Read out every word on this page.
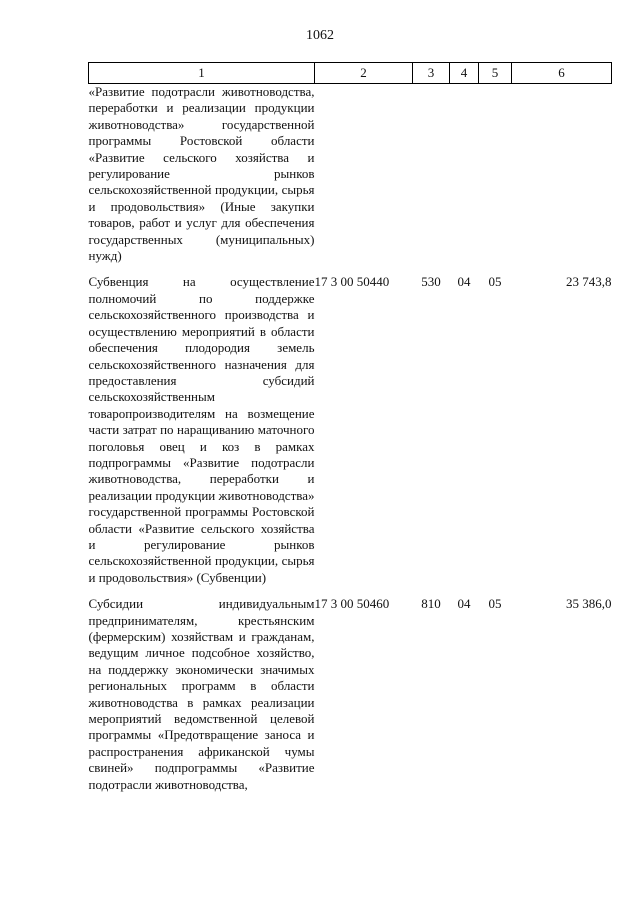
1062
1	2	3	4	5	6
«Развитие подотрасли животноводства, переработки и реализации продукции животноводства» государственной программы Ростовской области «Развитие сельского хозяйства и регулирование рынков сельскохозяйственной продукции, сырья и продовольствия» (Иные закупки товаров, работ и услуг для обеспечения государственных (муниципальных) нужд)					

Субвенция на осуществление полномочий по поддержке сельскохозяйственного производства и осуществлению мероприятий в области обеспечения плодородия земель сельскохозяйственного назначения для предоставления субсидий сельскохозяйственным товаропроизводителям на возмещение части затрат по наращиванию маточного поголовья овец и коз в рамках подпрограммы «Развитие подотрасли животноводства, переработки и реализации продукции животноводства» государственной программы Ростовской области «Развитие сельского хозяйства и регулирование рынков сельскохозяйственной продукции, сырья и продовольствия» (Субвенции)	17 3 00 50440	530	04	05	23 743,8

Субсидии индивидуальным предпринимателям, крестьянским (фермерским) хозяйствам и гражданам, ведущим личное подсобное хозяйство, на поддержку экономически значимых региональных программ в области животноводства в рамках реализации мероприятий ведомственной целевой программы «Предотвращение заноса и распространения африканской чумы свиней» подпрограммы «Развитие подотрасли животноводства,	17 3 00 50460	810	04	05	35 386,0
